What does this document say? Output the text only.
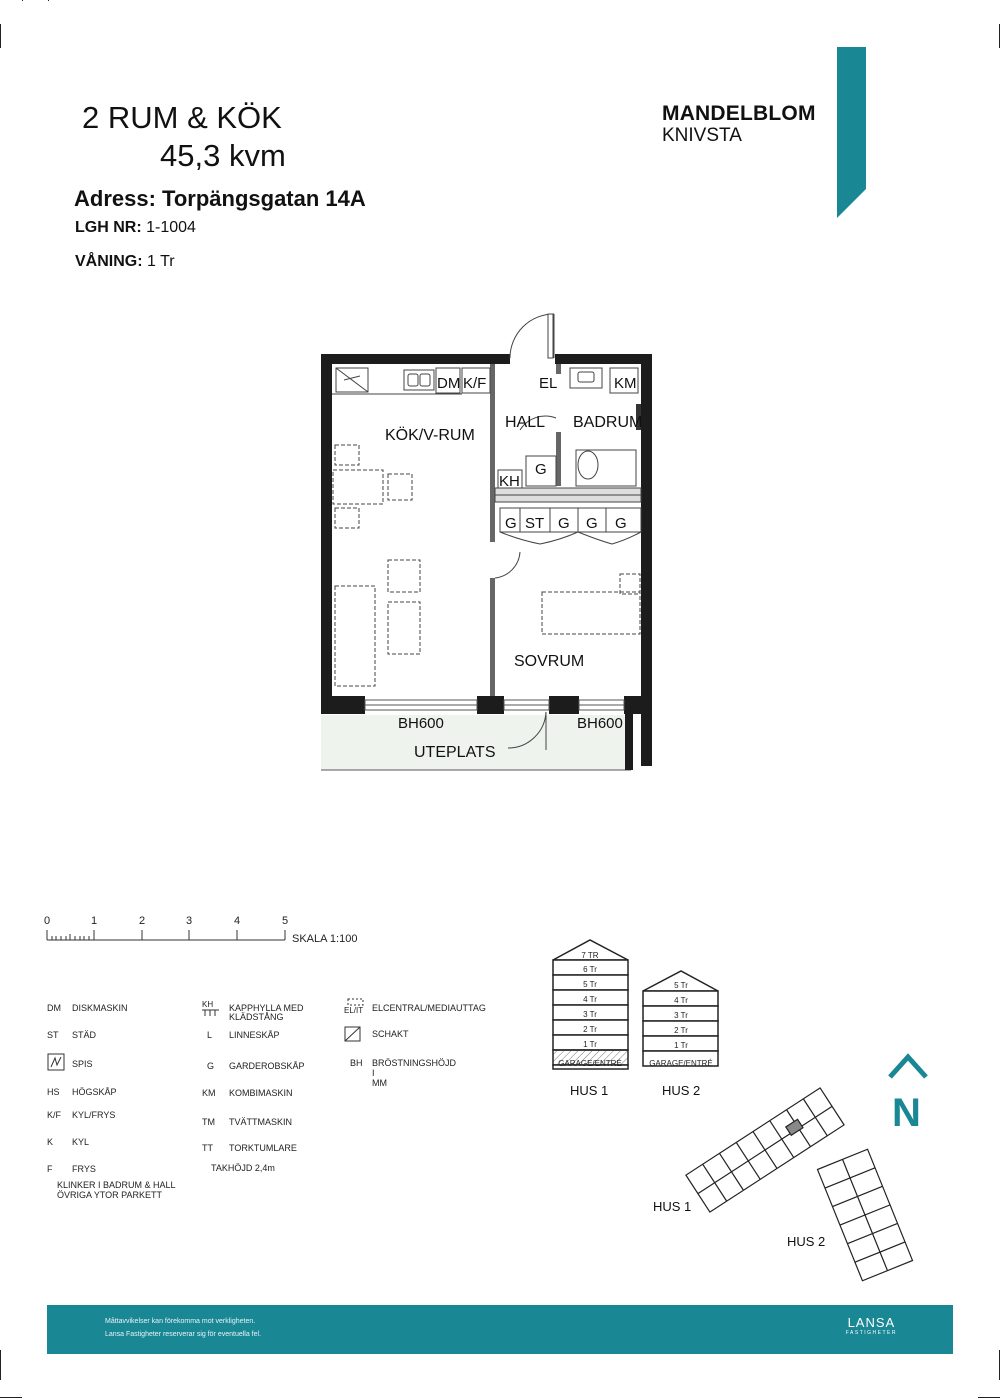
2 RUM & KÖK
45,3 kvm
Adress: Torpängsgatan 14A
LGH NR: 1-1004
VÅNING: 1 Tr
MANDELBLOM
KNIVSTA
KÖK/V-RUM
HALL BADRUM
SOVRUM
UTEPLATS
DM K/F	EL	KM
KH
G
G ST G G G
BH600	BH600
0	1	2	3	4	5
SKALA 1:100
DM DISKMASKIN
ST STÄD
SPIS
HS HÖGSKÅP
K/F KYL/FRYS
K KYL
F FRYS
KLINKER I BADRUM & HALL
ÖVRIGA YTOR PARKETT
KH KAPPHYLLA MED
KLÄDSTÅNG
L LINNESKÅP
G GARDEROBSKÅP
KM KOMBIMASKIN
TM TVÄTTMASKIN
TT TORKTUMLARE
TAKHÖJD 2,4m
EL/IT ELCENTRAL/MEDIAUTTAG
SCHAKT
BH BRÖSTNINGSHÖJD
I MM
7 TR
6 Tr
5 Tr
4 Tr
3 Tr
2 Tr
1 Tr
GARAGE/ENTRÉ
5 Tr
4 Tr
3 Tr
2 Tr
1 Tr
GARAGE/ENTRÉ
HUS 1	HUS 2
N
HUS 1
HUS 2
Måttavvikelser kan förekomma mot verkligheten.
Lansa Fastigheter reserverar sig för eventuella fel.
LANSA
FASTIGHETER
